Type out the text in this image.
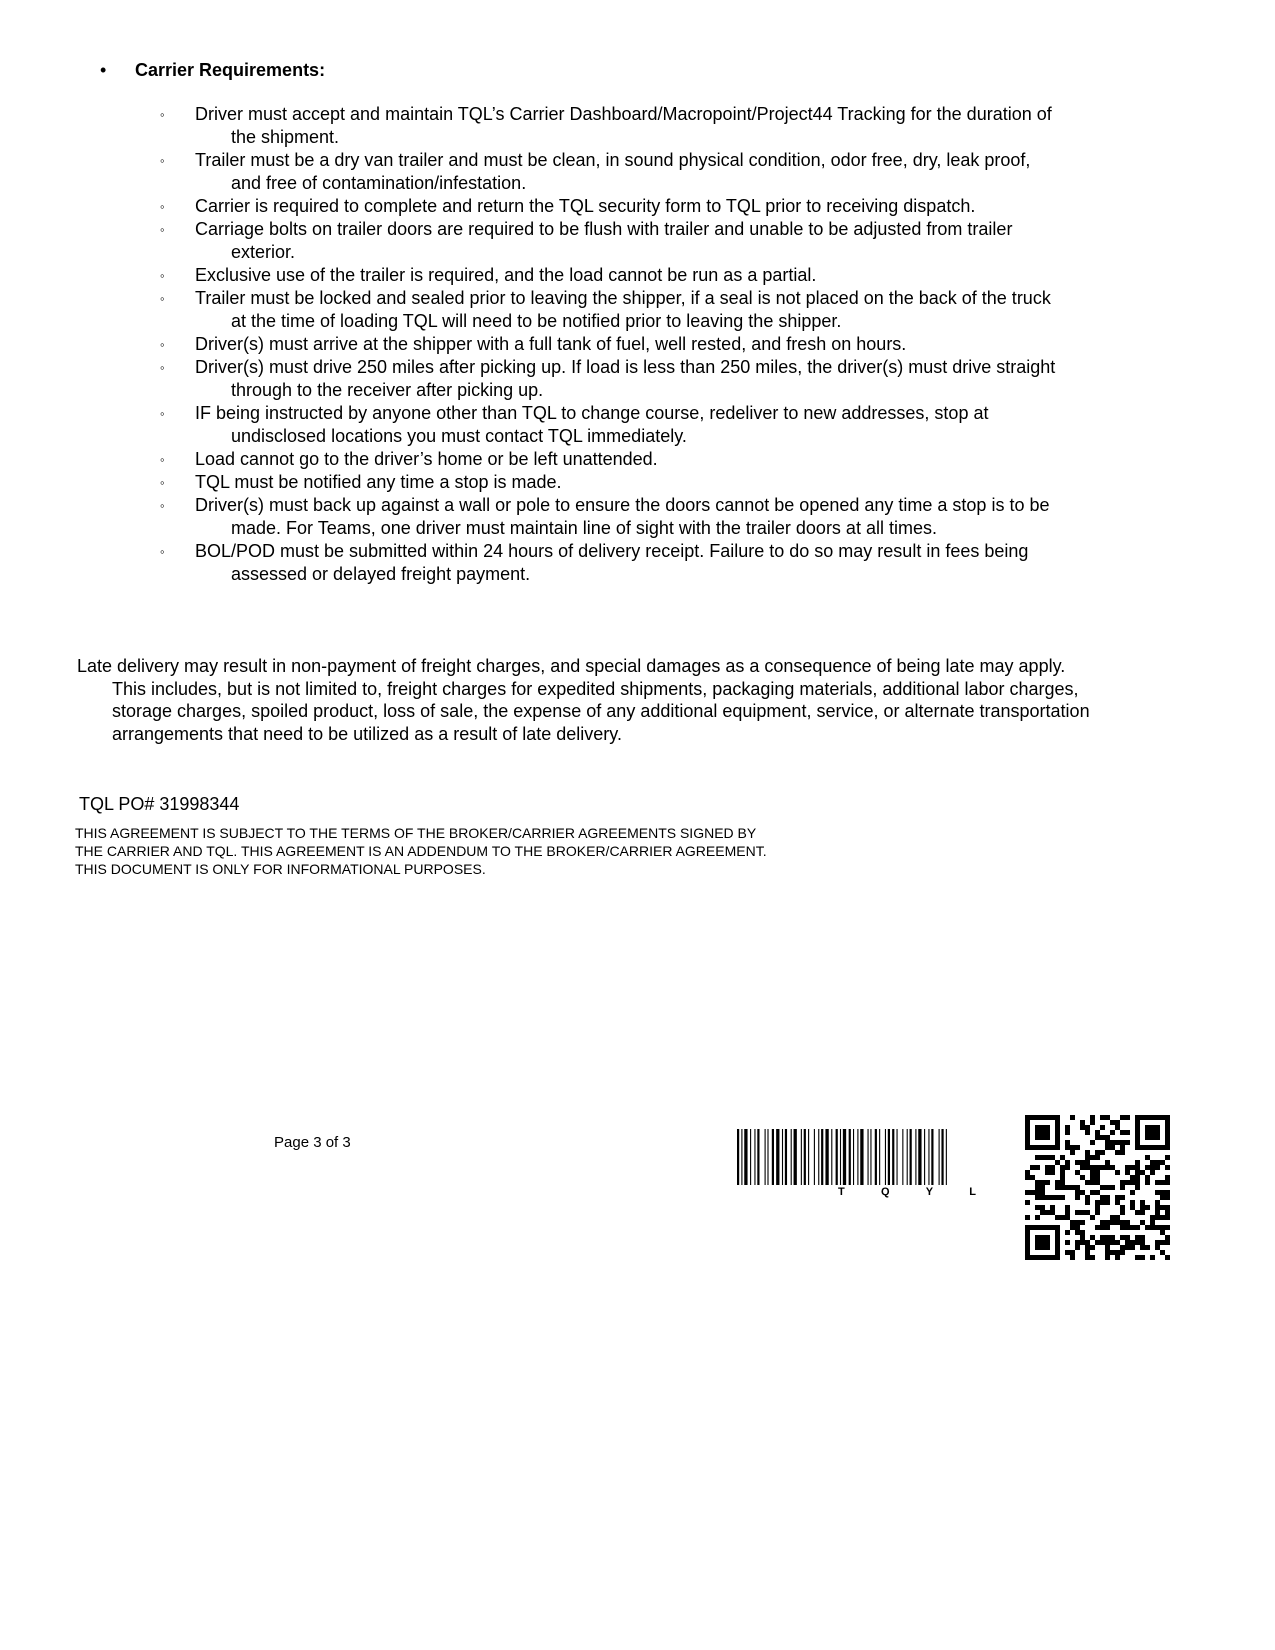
• Carrier Requirements:
◦ Driver must accept and maintain TQL’s Carrier Dashboard/Macropoint/Project44 Tracking for the duration of the shipment.
◦ Trailer must be a dry van trailer and must be clean, in sound physical condition, odor free, dry, leak proof, and free of contamination/infestation.
◦ Carrier is required to complete and return the TQL security form to TQL prior to receiving dispatch.
◦ Carriage bolts on trailer doors are required to be flush with trailer and unable to be adjusted from trailer exterior.
◦ Exclusive use of the trailer is required, and the load cannot be run as a partial.
◦ Trailer must be locked and sealed prior to leaving the shipper, if a seal is not placed on the back of the truck at the time of loading TQL will need to be notified prior to leaving the shipper.
◦ Driver(s) must arrive at the shipper with a full tank of fuel, well rested, and fresh on hours.
◦ Driver(s) must drive 250 miles after picking up. If load is less than 250 miles, the driver(s) must drive straight through to the receiver after picking up.
◦ IF being instructed by anyone other than TQL to change course, redeliver to new addresses, stop at undisclosed locations you must contact TQL immediately.
◦ Load cannot go to the driver’s home or be left unattended.
◦ TQL must be notified any time a stop is made.
◦ Driver(s) must back up against a wall or pole to ensure the doors cannot be opened any time a stop is to be made. For Teams, one driver must maintain line of sight with the trailer doors at all times.
◦ BOL/POD must be submitted within 24 hours of delivery receipt. Failure to do so may result in fees being assessed or delayed freight payment.
Late delivery may result in non-payment of freight charges, and special damages as a consequence of being late may apply. This includes, but is not limited to, freight charges for expedited shipments, packaging materials, additional labor charges, storage charges, spoiled product, loss of sale, the expense of any additional equipment, service, or alternate transportation arrangements that need to be utilized as a result of late delivery.
TQL PO# 31998344
THIS AGREEMENT IS SUBJECT TO THE TERMS OF THE BROKER/CARRIER AGREEMENTS SIGNED BY THE CARRIER AND TQL. THIS AGREEMENT IS AN ADDENDUM TO THE BROKER/CARRIER AGREEMENT. THIS DOCUMENT IS ONLY FOR INFORMATIONAL PURPOSES.
Page 3 of 3
T	Q	Y	L
